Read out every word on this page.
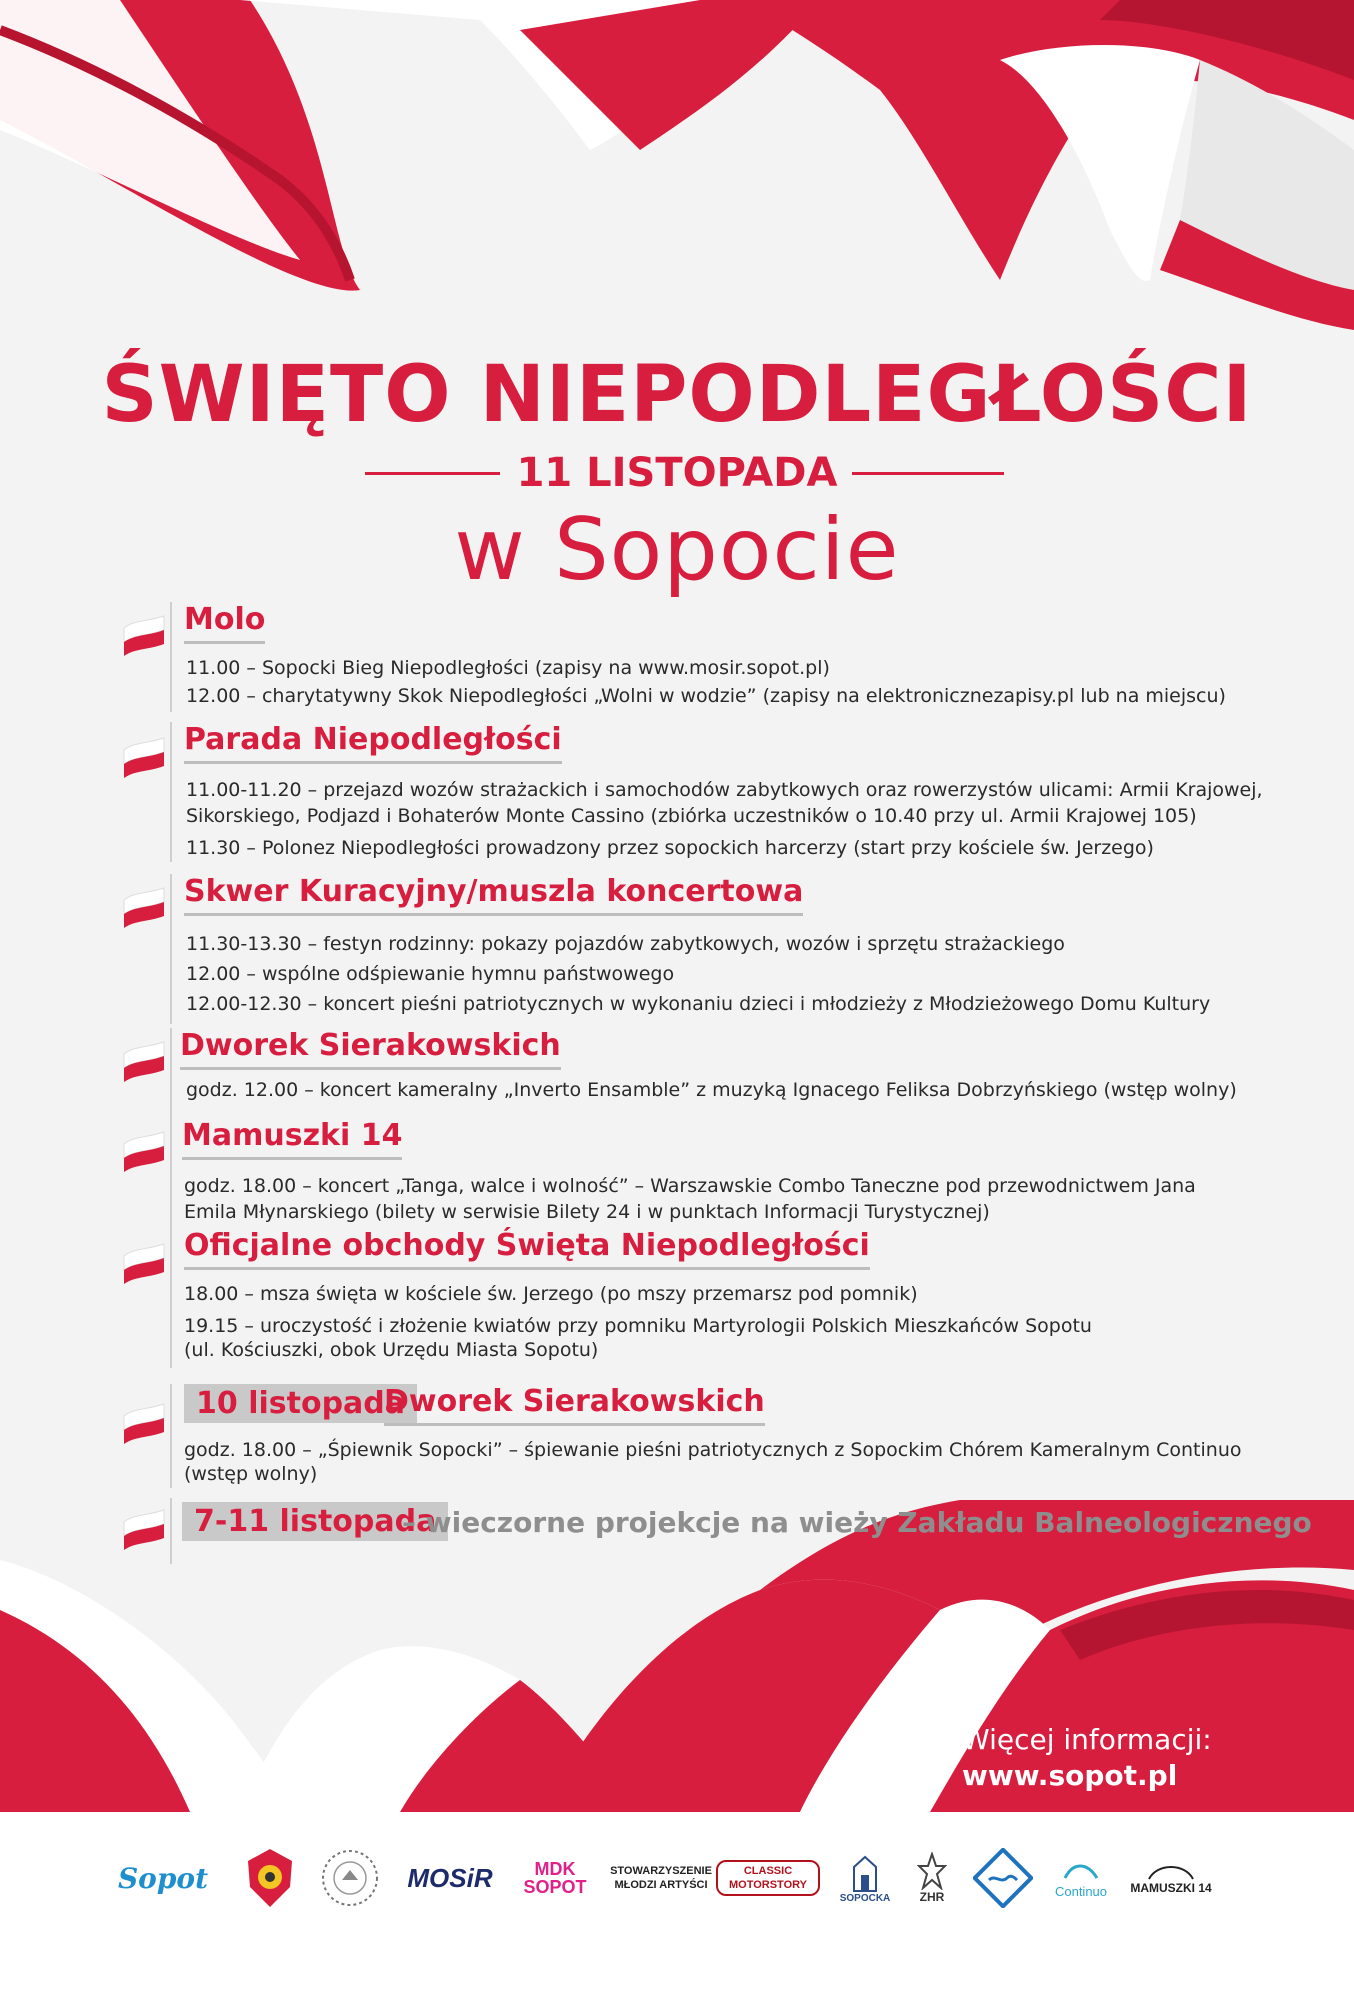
ŚWIĘTO NIEPODLEGŁOŚCI
11 LISTOPADA
w Sopocie
Molo
11.00 – Sopocki Bieg Niepodległości (zapisy na www.mosir.sopot.pl)
12.00 – charytatywny Skok Niepodległości „Wolni w wodzie” (zapisy na elektronicznezapisy.pl lub na miejscu)
Parada Niepodległości
11.00-11.20 – przejazd wozów strażackich i samochodów zabytkowych oraz rowerzystów ulicami: Armii Krajowej,
Sikorskiego, Podjazd i Bohaterów Monte Cassino (zbiórka uczestników o 10.40 przy ul. Armii Krajowej 105)
11.30 – Polonez Niepodległości prowadzony przez sopockich harcerzy (start przy kościele św. Jerzego)
Skwer Kuracyjny/muszla koncertowa
11.30-13.30 – festyn rodzinny: pokazy pojazdów zabytkowych, wozów i sprzętu strażackiego
12.00 – wspólne odśpiewanie hymnu państwowego
12.00-12.30 – koncert pieśni patriotycznych w wykonaniu dzieci i młodzieży z Młodzieżowego Domu Kultury
Dworek Sierakowskich
godz. 12.00 – koncert kameralny „Inverto Ensamble” z muzyką Ignacego Feliksa Dobrzyńskiego (wstęp wolny)
Mamuszki 14
godz. 18.00 – koncert „Tanga, walce i wolność” – Warszawskie Combo Taneczne pod przewodnictwem Jana
Emila Młynarskiego (bilety w serwisie Bilety 24 i w punktach Informacji Turystycznej)
Oficjalne obchody Święta Niepodległości
18.00 – msza święta w kościele św. Jerzego (po mszy przemarsz pod pomnik)
19.15 – uroczystość i złożenie kwiatów przy pomniku Martyrologii Polskich Mieszkańców Sopotu
(ul. Kościuszki, obok Urzędu Miasta Sopotu)
10 listopada
Dworek Sierakowskich
godz. 18.00 – „Śpiewnik Sopocki” – śpiewanie pieśni patriotycznych z Sopockim Chórem Kameralnym Continuo
(wstęp wolny)
7-11 listopada
– wieczorne projekcje na wieży Zakładu Balneologicznego
Więcej informacji:
www.sopot.pl
Sopot	MOSiR	MDK SOPOT
STOWARZYSZENIE MŁODZI ARTYŚCI
CLASSIC MOTORSTORY
SOPOCKA ZHR	Continuo MAMUSZKI 14
